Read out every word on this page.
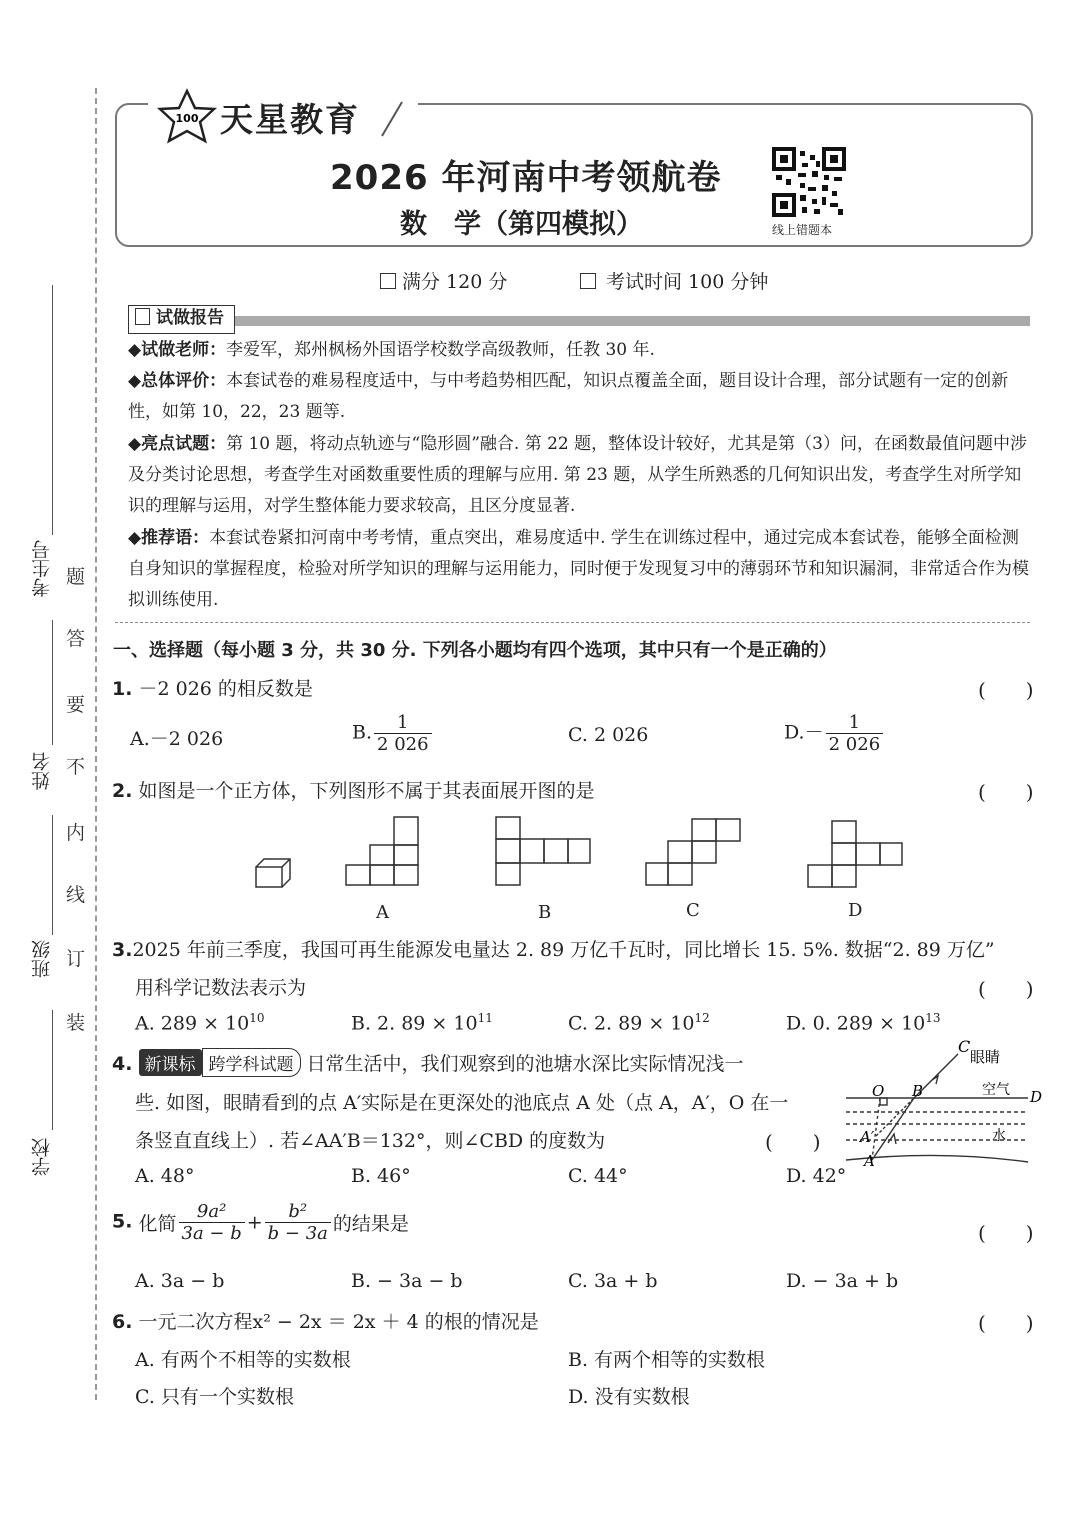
考生号
姓名
班级
学校
题
答
要
不
内
线
订
装
100 天星教育
2026 年河南中考领航卷
数　学（第四模拟）	线上错题本
满分 120 分	考试时间 100 分钟
试做报告
◆试做老师：李爱军，郑州枫杨外国语学校数学高级教师，任教 30 年.
◆总体评价：本套试卷的难易程度适中，与中考趋势相匹配，知识点覆盖全面，题目设计合理，部分试题有一定的创新性，如第 10，22，23 题等.
◆亮点试题：第 10 题，将动点轨迹与“隐形圆”融合. 第 22 题，整体设计较好，尤其是第（3）问，在函数最值问题中涉及分类讨论思想，考查学生对函数重要性质的理解与应用. 第 23 题，从学生所熟悉的几何知识出发，考查学生对所学知识的理解与运用，对学生整体能力要求较高，且区分度显著.
◆推荐语：本套试卷紧扣河南中考考情，重点突出，难易度适中. 学生在训练过程中，通过完成本套试卷，能够全面检测自身知识的掌握程度，检验对所学知识的理解与运用能力，同时便于发现复习中的薄弱环节和知识漏洞，非常适合作为模拟训练使用.
一、选择题（每小题 3 分，共 30 分. 下列各小题均有四个选项，其中只有一个是正确的）
1. －2 026 的相反数是	(　　)
A.－2 026	B. $\frac{1}{2 026}$	C. 2 026	$D.- \frac{1}{2 026}$
2. 如图是一个正方体，下列图形不属于其表面展开图的是	(　　)
A	B	C	D
3.2025 年前三季度，我国可再生能源发电量达 2. 89 万亿千瓦时，同比增长 15. 5%. 数据“2. 89 万亿”
用科学记数法表示为	(　　)
A. $289 \times 10^{10}$	B. 2. $89 \times 10^{11}$	C. 2. $89 \times 10^{12}$	D. 0. $289 \times 10^{13}$
4. 新课标 跨学科试题 日常生活中，我们观察到的池塘水深比实际情况浅一
些. 如图，眼睛看到的点 A′实际是在更深处的池底点 A 处（点 A，A′，O 在一
条竖直直线上）. 若∠AA′B＝132°，则∠CBD 的度数为	(　　)
A. 48°	B. 46°	C. 44°	D. 42°
C
眼睛
O B	空气 D
A′	水
A
5. 化简 $\frac{\text{9a²}}{3a - b} + \frac{\text{b²}}{b - 3a}$ 的结果是	(　　)
A. 3a − b	B. − 3a − b	C. 3a + b	D. − 3a + b
6. 一元二次方程x² − 2x ＝ 2x ＋ 4 的根的情况是	(　　)
A. 有两个不相等的实数根	B. 有两个相等的实数根
C. 只有一个实数根	D. 没有实数根
